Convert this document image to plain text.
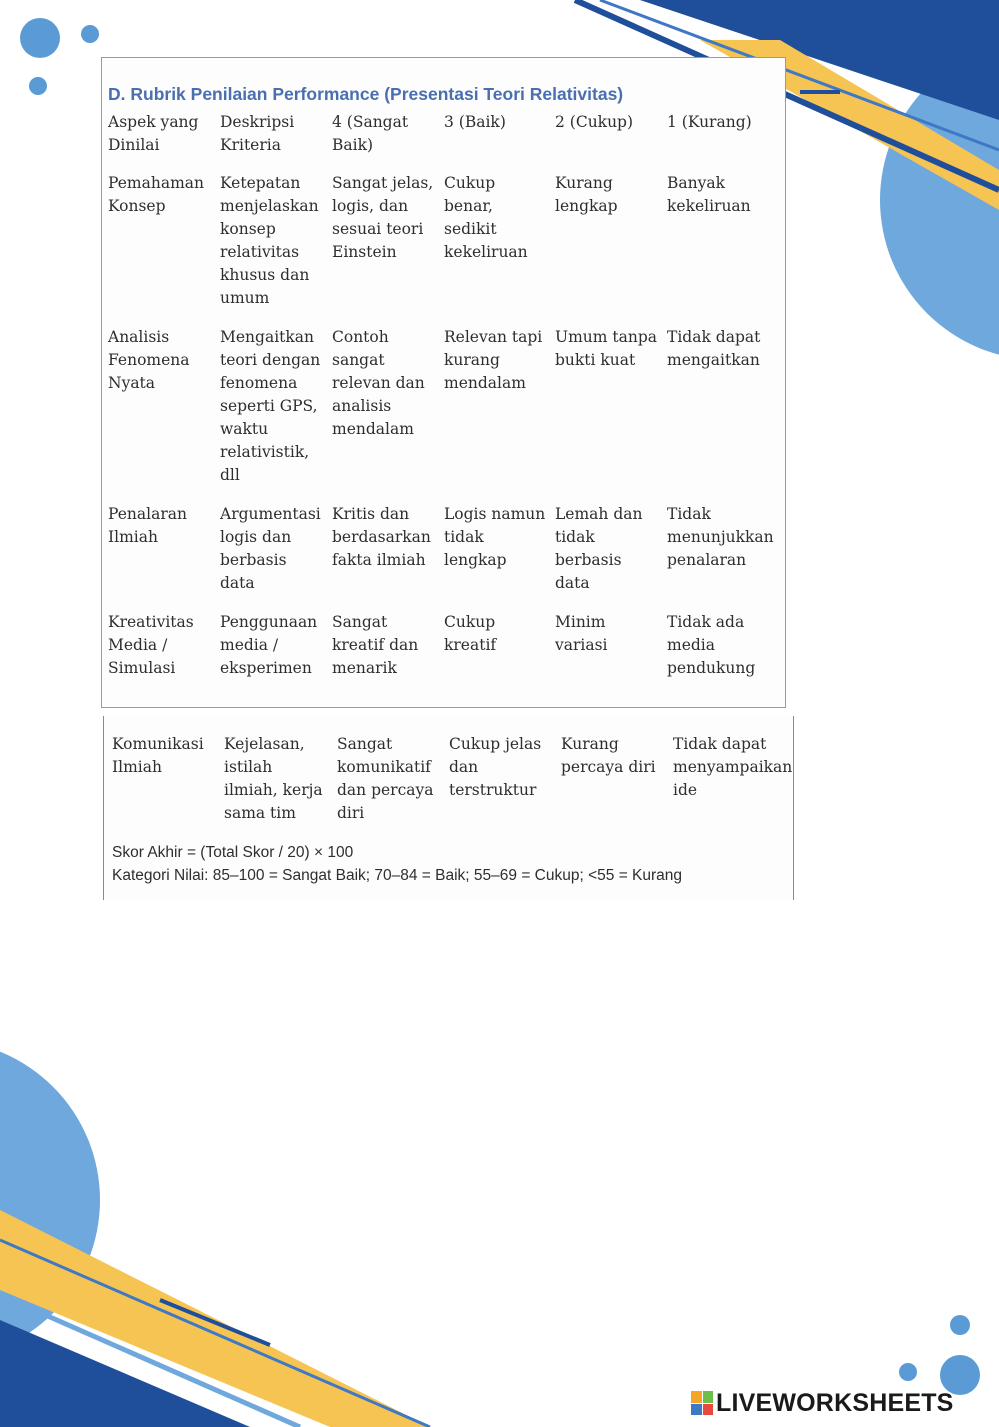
D. Rubrik Penilaian Performance (Presentasi Teori Relativitas)
Aspek yang
Dinilai
Deskripsi
Kriteria
4 (Sangat
Baik)
3 (Baik)	2 (Cukup)	1 (Kurang)
Pemahaman
Konsep
Ketepatan
menjelaskan
konsep
relativitas
khusus dan
umum
Sangat jelas,
logis, dan
sesuai teori
Einstein
Cukup
benar,
sedikit
kekeliruan
Kurang
lengkap
Banyak
kekeliruan
Analisis
Fenomena
Nyata
Mengaitkan
teori dengan
fenomena
seperti GPS,
waktu
relativistik,
dll
Contoh
sangat
relevan dan
analisis
mendalam
Relevan tapi
kurang
mendalam
Umum tanpa
bukti kuat
Tidak dapat
mengaitkan
Penalaran
Ilmiah
Argumentasi
logis dan
berbasis
data
Kritis dan
berdasarkan
fakta ilmiah
Logis namun
tidak
lengkap
Lemah dan
tidak
berbasis
data
Tidak
menunjukkan
penalaran
Kreativitas
Media /
Simulasi
Penggunaan
media /
eksperimen
Sangat
kreatif dan
menarik
Cukup
kreatif
Minim
variasi
Tidak ada
media
pendukung
Komunikasi
Ilmiah
Kejelasan,
istilah
ilmiah, kerja
sama tim
Sangat
komunikatif
dan percaya
diri
Cukup jelas
dan
terstruktur
Kurang
percaya diri
Tidak dapat
menyampaikan
ide
Skor Akhir = (Total Skor / 20) × 100
Kategori Nilai: 85–100 = Sangat Baik; 70–84 = Baik; 55–69 = Cukup; <55 = Kurang
LIVEWORKSHEETS
